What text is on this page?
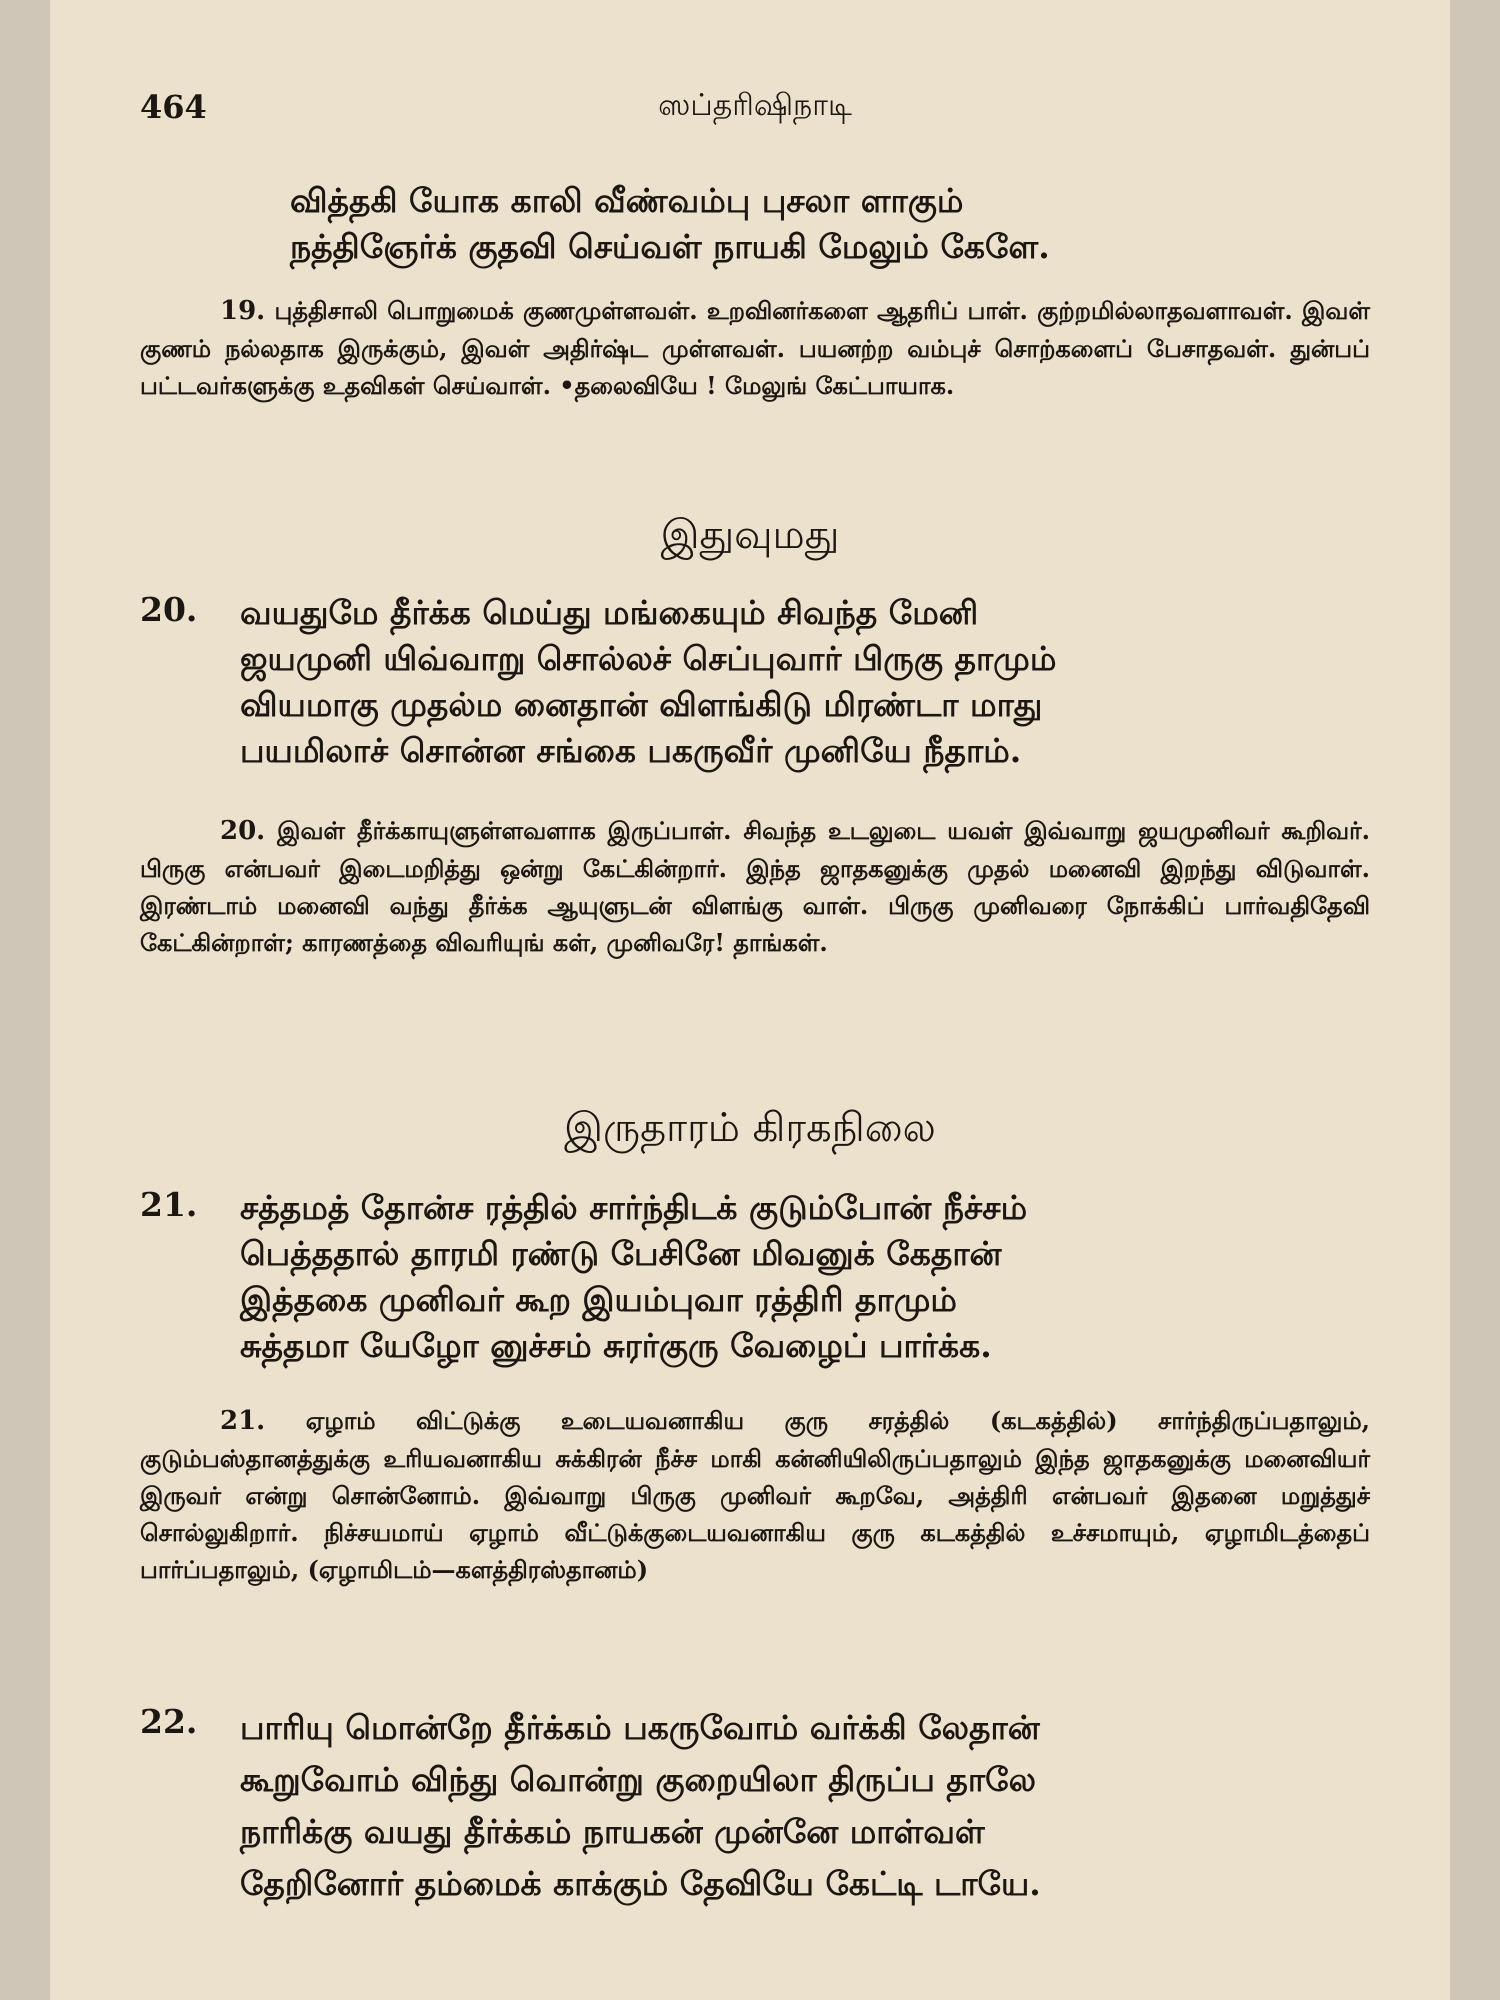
464	ஸப்தரிஷிநாடி
வித்தகி யோக காலி வீண்வம்பு புசலா ளாகும்
நத்திஞேர்க் குதவி செய்வள் நாயகி மேலும் கேளே.
19. புத்திசாலி பொறுமைக் குணமுள்ளவள். உறவினர்களை ஆதரிப் பாள். குற்றமில்லாதவளாவள். இவள் குணம் நல்லதாக இருக்கும், இவள் அதிர்ஷ்ட முள்ளவள். பயனற்ற வம்புச் சொற்களைப் பேசாதவள். துன்பப் பட்டவர்களுக்கு உதவிகள் செய்வாள். •தலைவியே ! மேலுங் கேட்பாயாக.
இதுவுமது
20. வயதுமே தீர்க்க மெய்து மங்கையும் சிவந்த மேனி
ஜயமுனி யிவ்வாறு சொல்லச் செப்புவார் பிருகு தாமும்
வியமாகு முதல்ம னைதான் விளங்கிடு மிரண்டா மாது
பயமிலாச் சொன்ன சங்கை பகருவீர் முனியே நீதாம்.
20. இவள் தீர்க்காயுளுள்ளவளாக இருப்பாள். சிவந்த உடலுடை யவள் இவ்வாறு ஜயமுனிவர் கூறிவர். பிருகு என்பவர் இடைமறித்து ஒன்று கேட்கின்றார். இந்த ஜாதகனுக்கு முதல் மனைவி இறந்து விடுவாள். இரண்டாம் மனைவி வந்து தீர்க்க ஆயுளுடன் விளங்கு வாள். பிருகு முனிவரை நோக்கிப் பார்வதிதேவி கேட்கின்றாள்; காரணத்தை விவரியுங் கள், முனிவரே! தாங்கள்.
இருதாரம் கிரகநிலை
21. சத்தமத் தோன்ச ரத்தில் சார்ந்திடக் குடும்போன் நீச்சம்
பெத்ததால் தாரமி ரண்டு பேசினே மிவனுக் கேதான்
இத்தகை முனிவர் கூற இயம்புவா ரத்திரி தாமும்
சுத்தமா யேழோ னுச்சம் சுரர்குரு வேழைப் பார்க்க.
21. ஏழாம் விட்டுக்கு உடையவனாகிய குரு சரத்தில் (கடகத்தில்) சார்ந்திருப்பதாலும், குடும்பஸ்தானத்துக்கு உரியவனாகிய சுக்கிரன் நீச்ச மாகி கன்னியிலிருப்பதாலும் இந்த ஜாதகனுக்கு மனைவியர் இருவர் என்று சொன்னோம். இவ்வாறு பிருகு முனிவர் கூறவே, அத்திரி என்பவர் இதனை மறுத்துச் சொல்லுகிறார். நிச்சயமாய் ஏழாம் வீட்டுக்குடையவனாகிய குரு கடகத்தில் உச்சமாயும், ஏழாமிடத்தைப் பார்ப்பதாலும், (ஏழாமிடம்—களத்திரஸ்தானம்)
22. பாரியு மொன்றே தீர்க்கம் பகருவோம் வர்க்கி லேதான்
கூறுவோம் விந்து வொன்று குறையிலா திருப்ப தாலே
நாரிக்கு வயது தீர்க்கம் நாயகன் முன்னே மாள்வள்
தேறினோர் தம்மைக் காக்கும் தேவியே கேட்டி டாயே.
